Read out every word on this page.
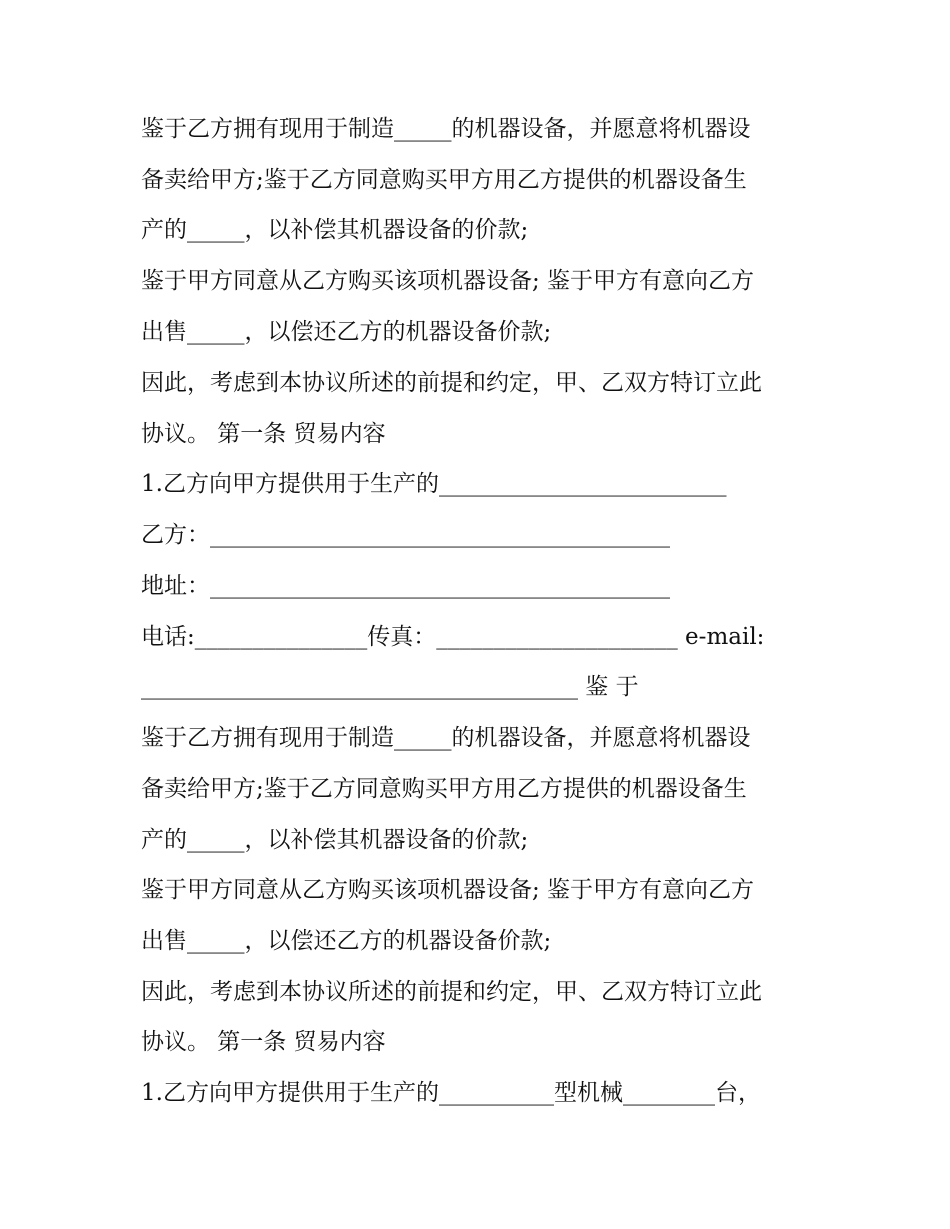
鉴于乙方拥有现用于制造_____的机器设备，并愿意将机器设
备卖给甲方;鉴于乙方同意购买甲方用乙方提供的机器设备生
产的_____，以补偿其机器设备的价款;
鉴于甲方同意从乙方购买该项机器设备; 鉴于甲方有意向乙方
出售_____，以偿还乙方的机器设备价款;
因此，考虑到本协议所述的前提和约定，甲、乙双方特订立此
协议。 第一条 贸易内容
1.乙方向甲方提供用于生产的_________________________
乙方：________________________________________
地址：________________________________________
电话:_______________传真：_____________________ e-mail:
______________________________________ 鉴 于
鉴于乙方拥有现用于制造_____的机器设备，并愿意将机器设
备卖给甲方;鉴于乙方同意购买甲方用乙方提供的机器设备生
产的_____，以补偿其机器设备的价款;
鉴于甲方同意从乙方购买该项机器设备; 鉴于甲方有意向乙方
出售_____，以偿还乙方的机器设备价款;
因此，考虑到本协议所述的前提和约定，甲、乙双方特订立此
协议。 第一条 贸易内容
1.乙方向甲方提供用于生产的__________型机械________台，
